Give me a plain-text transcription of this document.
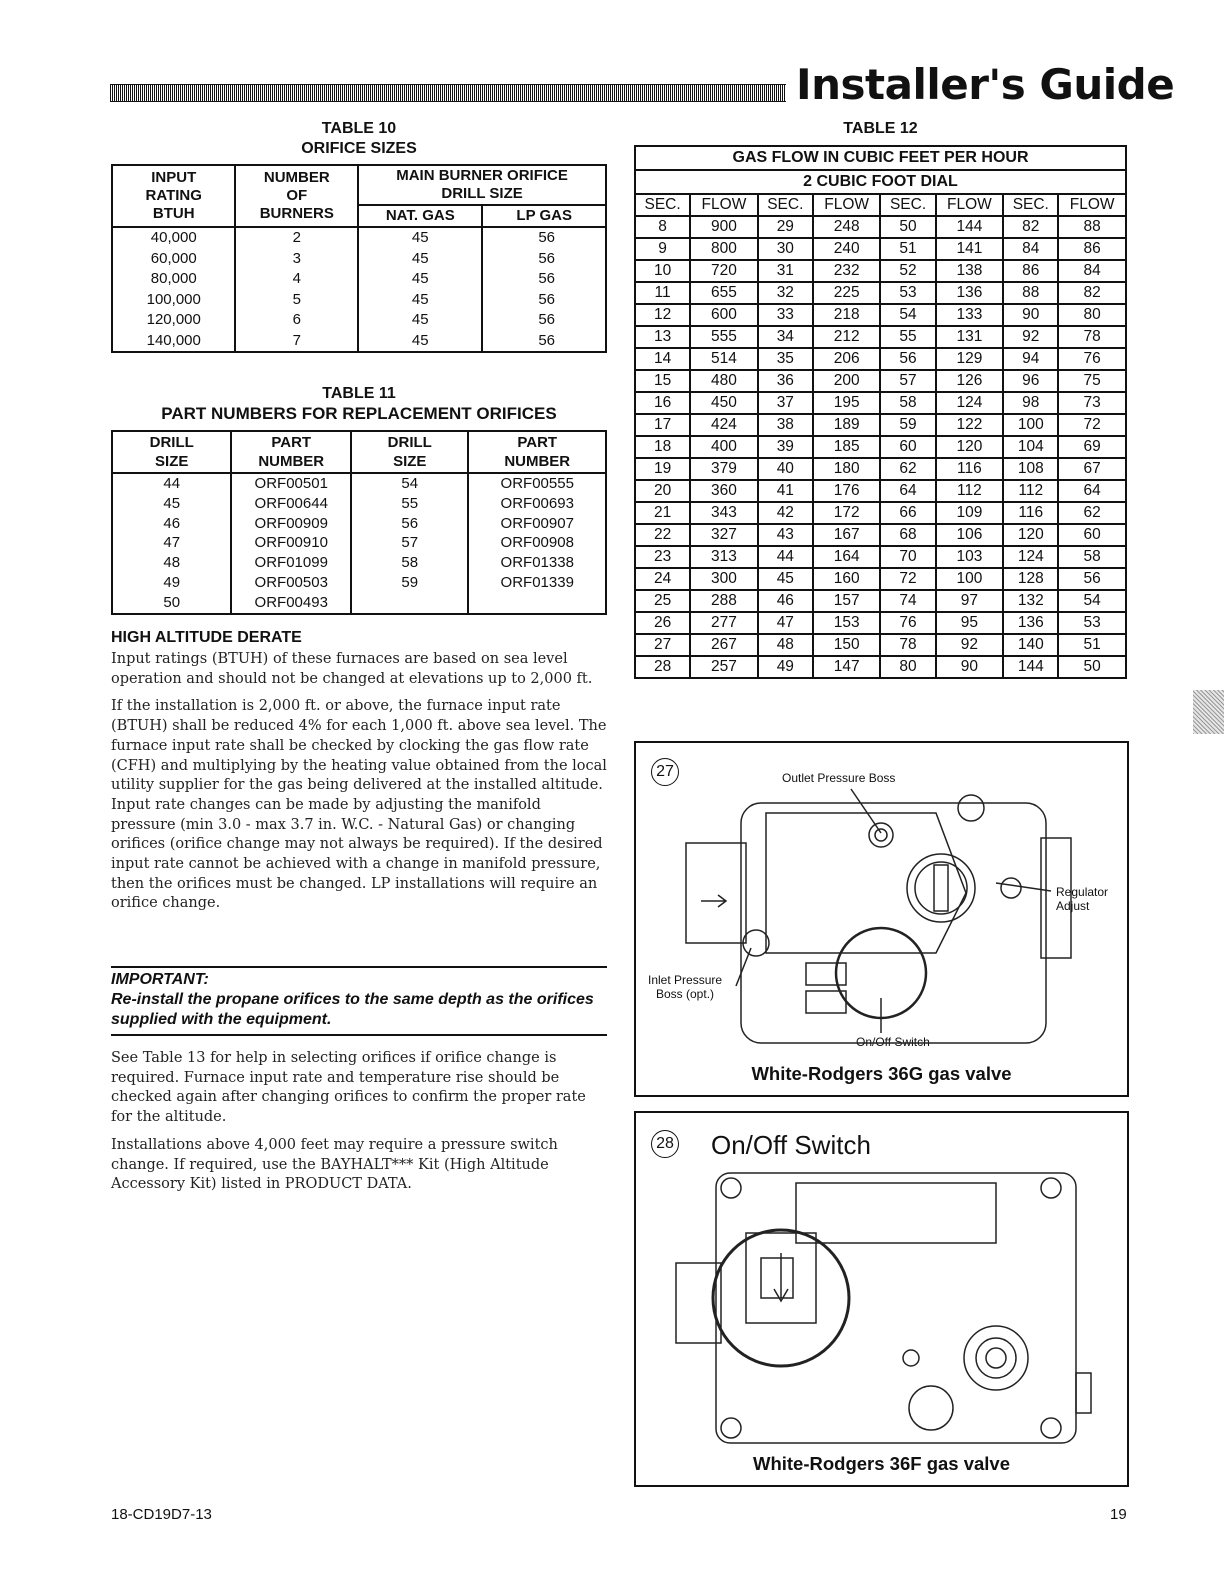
Installer's Guide
TABLE 10
ORIFICE SIZES
INPUT
RATING
BTUH	NUMBER
OF
BURNERS	MAIN BURNER ORIFICE
DRILL SIZE	
		NAT. GAS	LP GAS
40,000	2	45	56
60,000	3	45	56
80,000	4	45	56
100,000	5	45	56
120,000	6	45	56
140,000	7	45	56
TABLE 11
PART NUMBERS FOR REPLACEMENT ORIFICES
DRILL
SIZE	PART
NUMBER	DRILL
SIZE	PART
NUMBER
44	ORF00501	54	ORF00555
45	ORF00644	55	ORF00693
46	ORF00909	56	ORF00907
47	ORF00910	57	ORF00908
48	ORF01099	58	ORF01338
49	ORF00503	59	ORF01339
50	ORF00493		
HIGH ALTITUDE DERATE

Input ratings (BTUH) of these furnaces are based on sea level operation and should not be changed at elevations up to 2,000 ft.

If the installation is 2,000 ft. or above, the furnace input rate (BTUH) shall be reduced 4% for each 1,000 ft. above sea level. The furnace input rate shall be checked by clocking the gas flow rate (CFH) and multiplying by the heating value obtained from the local utility supplier for the gas being delivered at the installed altitude. Input rate changes can be made by adjusting the manifold pressure (min 3.0 - max 3.7 in. W.C. - Natural Gas) or changing orifices (orifice change may not always be required). If the desired input rate cannot be achieved with a change in manifold pressure, then the orifices must be changed. LP installations will require an orifice change.

IMPORTANT:
Re-install the propane orifices to the same depth as the orifices supplied with the equipment.

See Table 13 for help in selecting orifices if orifice change is required. Furnace input rate and temperature rise should be checked again after changing orifices to confirm the proper rate for the altitude.

Installations above 4,000 feet may require a pressure switch change. If required, use the BAYHALT*** Kit (High Altitude Accessory Kit) listed in PRODUCT DATA.

TABLE 12
GAS FLOW IN CUBIC FEET PER HOUR							
2 CUBIC FOOT DIAL							
SEC.	FLOW	SEC.	FLOW	SEC.	FLOW	SEC.	FLOW
8	900	29	248	50	144	82	88
9	800	30	240	51	141	84	86
10	720	31	232	52	138	86	84
11	655	32	225	53	136	88	82
12	600	33	218	54	133	90	80
13	555	34	212	55	131	92	78
14	514	35	206	56	129	94	76
15	480	36	200	57	126	96	75
16	450	37	195	58	124	98	73
17	424	38	189	59	122	100	72
18	400	39	185	60	120	104	69
19	379	40	180	62	116	108	67
20	360	41	176	64	112	112	64
21	343	42	172	66	109	116	62
22	327	43	167	68	106	120	60
23	313	44	164	70	103	124	58
24	300	45	160	72	100	128	56
25	288	46	157	74	97	132	54
26	277	47	153	76	95	136	53
27	267	48	150	78	92	140	51
28	257	49	147	80	90	144	50
27	Outlet Pressure Boss
Regulator
Adjust
Inlet Pressure
Boss (opt.)
On/Off Switch
White-Rodgers 36G gas valve
28 On/Off Switch
White-Rodgers 36F gas valve
18-CD19D7-13	19
